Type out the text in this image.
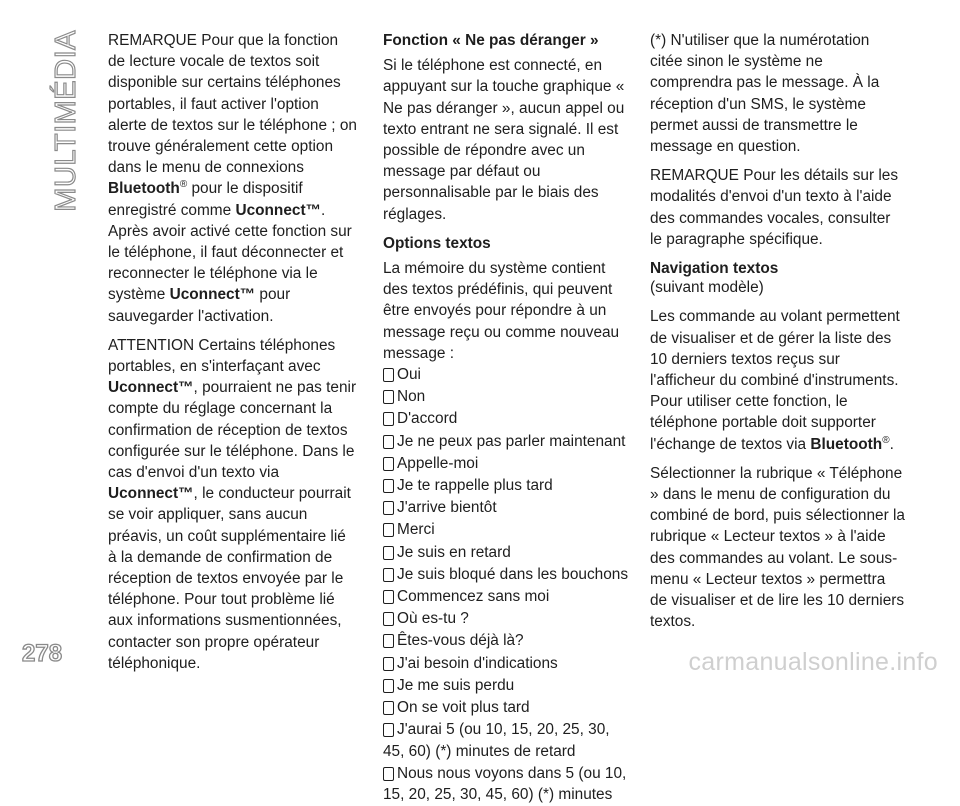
MULTIMÉDIA REMARQUE Pour que la fonction de lecture vocale de textos soit disponible sur certains téléphones portables, il faut activer l'option alerte de textos sur le téléphone ; on trouve généralement cette option dans le menu de connexions Bluetooth® pour le dispositif enregistré comme Uconnect™. Après avoir activé cette fonction sur le téléphone, il faut déconnecter et reconnecter le téléphone via le système Uconnect™ pour sauvegarder l'activation.

ATTENTION Certains téléphones portables, en s'interfaçant avec Uconnect™, pourraient ne pas tenir compte du réglage concernant la confirmation de réception de textos configurée sur le téléphone. Dans le cas d'envoi d'un texto via Uconnect™, le conducteur pourrait se voir appliquer, sans aucun préavis, un coût supplémentaire lié à la demande de confirmation de réception de textos envoyée par le téléphone. Pour tout problème lié aux informations susmentionnées, contacter son propre opérateur téléphonique.

Fonction « Ne pas déranger »

Si le téléphone est connecté, en appuyant sur la touche graphique « Ne pas déranger », aucun appel ou texto entrant ne sera signalé. Il est possible de répondre avec un message par défaut ou personnalisable par le biais des réglages.

Options textos

La mémoire du système contient des textos prédéfinis, qui peuvent être envoyés pour répondre à un message reçu ou comme nouveau message :

Oui
Non
D'accord
Je ne peux pas parler maintenant
Appelle-moi
Je te rappelle plus tard
J'arrive bientôt
Merci
Je suis en retard
Je suis bloqué dans les bouchons
Commencez sans moi
Où es-tu ?
Êtes-vous déjà là?
J'ai besoin d'indications
Je me suis perdu
On se voit plus tard
J'aurai 5 (ou 10, 15, 20, 25, 30, 45, 60) (*) minutes de retard
Nous nous voyons dans 5 (ou 10, 15, 20, 25, 30, 45, 60) (*) minutes

(*) N'utiliser que la numérotation citée sinon le système ne comprendra pas le message. À la réception d'un SMS, le système permet aussi de transmettre le message en question.

REMARQUE Pour les détails sur les modalités d'envoi d'un texto à l'aide des commandes vocales, consulter le paragraphe spécifique.

Navigation textos
(suivant modèle)

Les commande au volant permettent de visualiser et de gérer la liste des 10 derniers textos reçus sur l'afficheur du combiné d'instruments. Pour utiliser cette fonction, le téléphone portable doit supporter l'échange de textos via Bluetooth®.

Sélectionner la rubrique « Téléphone » dans le menu de configuration du combiné de bord, puis sélectionner la rubrique « Lecteur textos » à l'aide des commandes au volant. Le sous-menu « Lecteur textos » permettra de visualiser et de lire les 10 derniers textos.

278	carmanualsonline.info
